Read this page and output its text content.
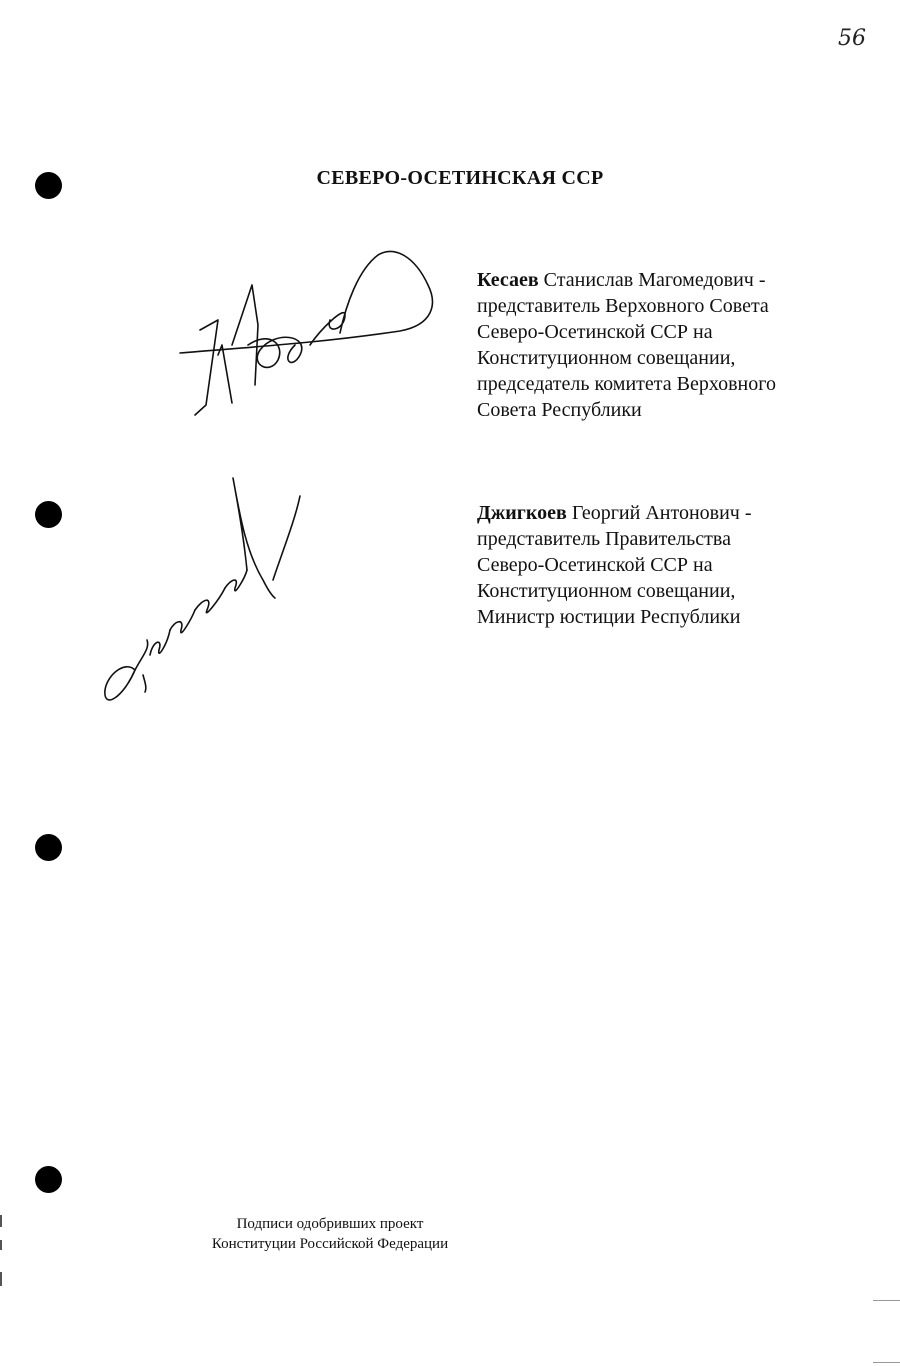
56
СЕВЕРО-ОСЕТИНСКАЯ ССР
Кесаев Станислав Магомедович -
представитель Верховного Совета
Северо-Осетинской ССР на
Конституционном совещании,
председатель комитета Верховного
Совета Республики
Джигкоев Георгий Антонович -
представитель Правительства
Северо-Осетинской ССР на
Конституционном совещании,
Министр юстиции Республики
Подписи одобривших проект
Конституции Российской Федерации
